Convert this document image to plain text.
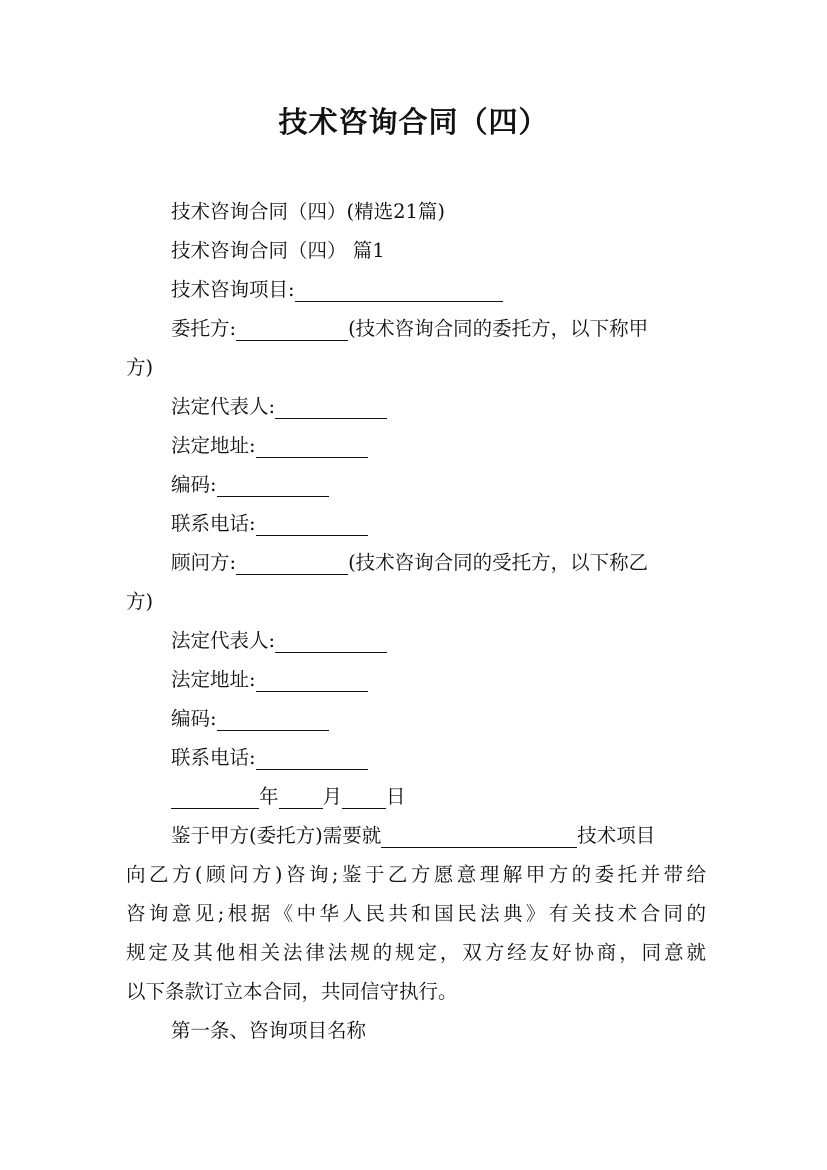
技术咨询合同（四）
技术咨询合同（四）(精选21篇)
技术咨询合同（四） 篇1
技术咨询项目:
委托方:	(技术咨询合同的委托方，以下称甲
方)
法定代表人:
法定地址:
编码:
联系电话:
顾问方:	(技术咨询合同的受托方，以下称乙
方)
法定代表人:
法定地址:
编码:
联系电话:
年 月 日
鉴于甲方(委托方)需要就	技术项目
向乙方(顾问方)咨询;鉴于乙方愿意理解甲方的委托并带给
咨询意见;根据《中华人民共和国民法典》有关技术合同的
规定及其他相关法律法规的规定，双方经友好协商，同意就
以下条款订立本合同，共同信守执行。
第一条、咨询项目名称
